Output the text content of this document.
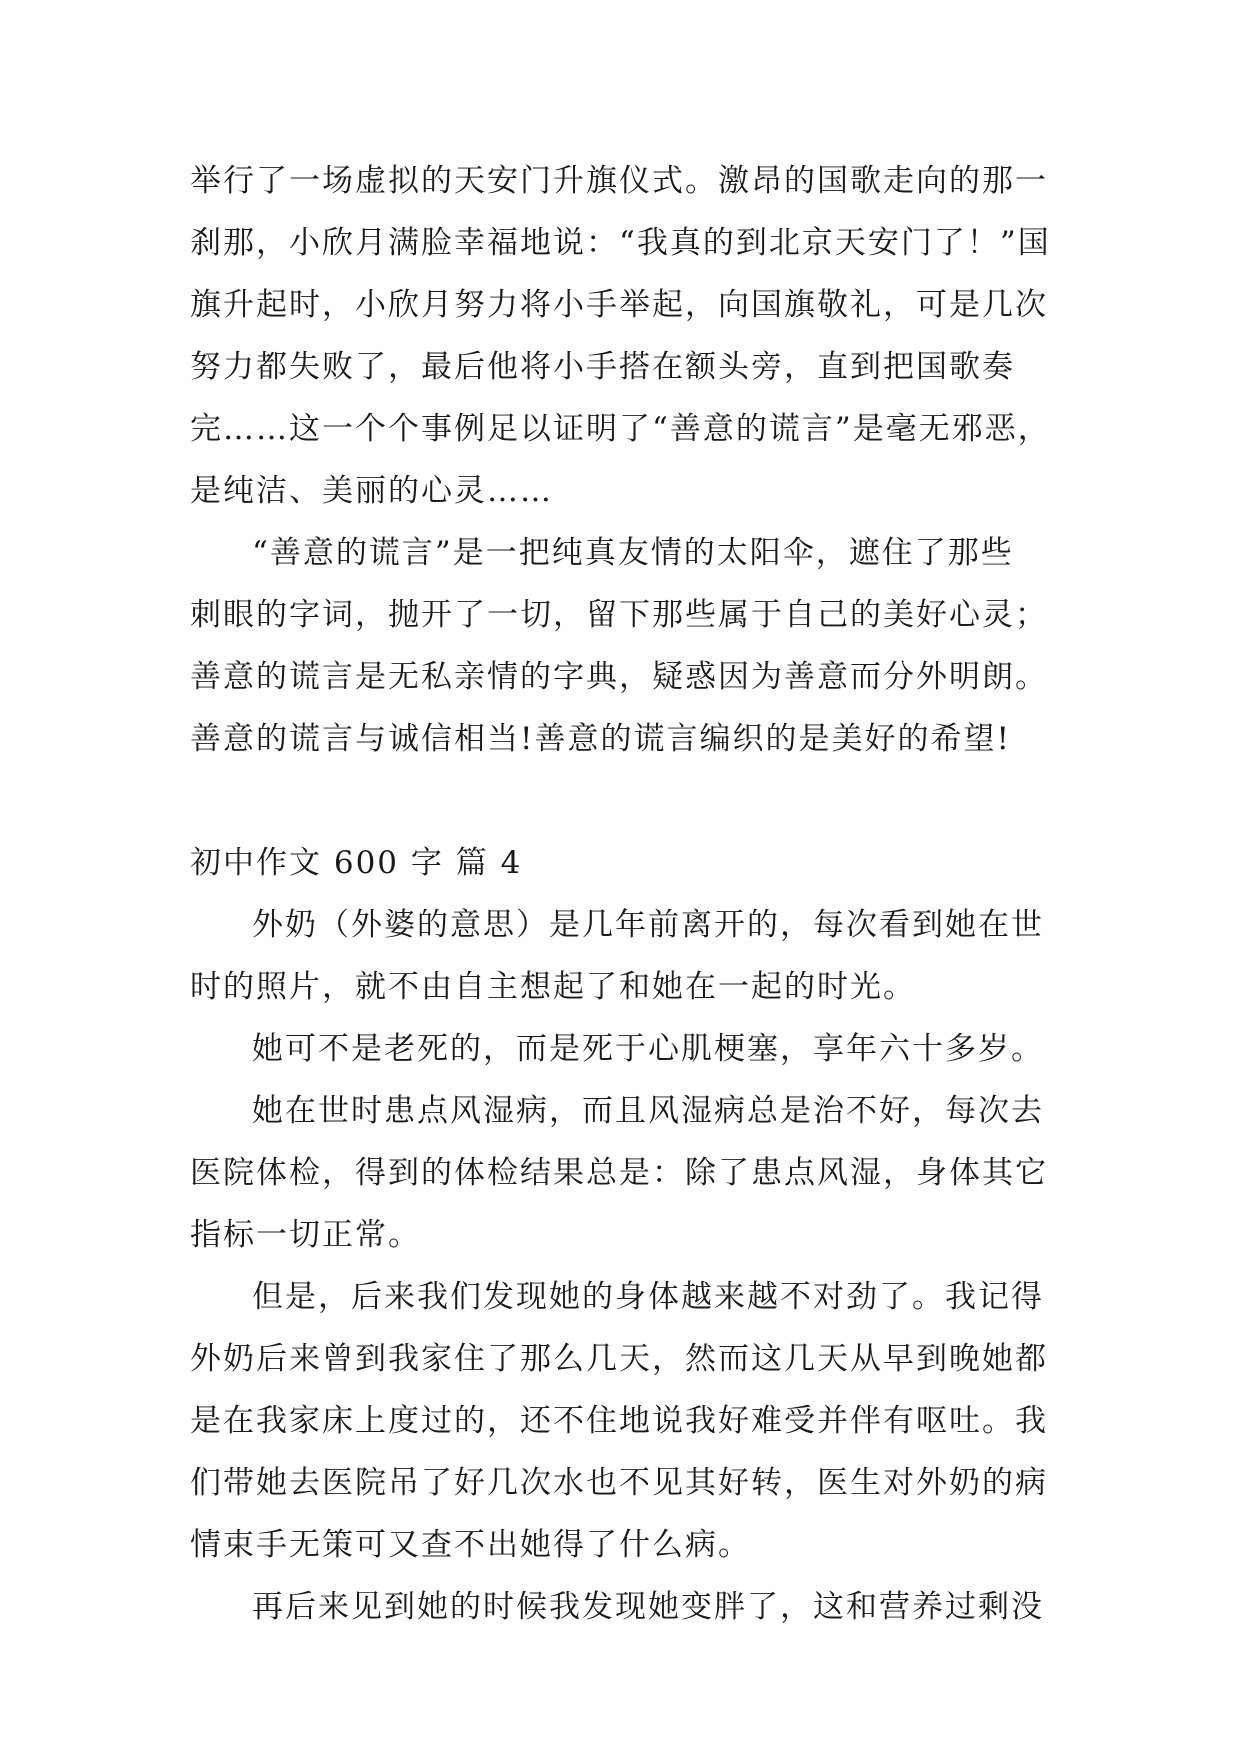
举行了一场虚拟的天安门升旗仪式。激昂的国歌走向的那一
刹那，小欣月满脸幸福地说：“我真的到北京天安门了！”国
旗升起时，小欣月努力将小手举起，向国旗敬礼，可是几次
努力都失败了，最后他将小手搭在额头旁，直到把国歌奏
完……这一个个事例足以证明了“善意的谎言”是毫无邪恶，
是纯洁、美丽的心灵……
“善意的谎言”是一把纯真友情的太阳伞，遮住了那些
刺眼的字词，抛开了一切，留下那些属于自己的美好心灵；
善意的谎言是无私亲情的字典，疑惑因为善意而分外明朗。
善意的谎言与诚信相当!善意的谎言编织的是美好的希望!
初中作文 600 字 篇 4
外奶（外婆的意思）是几年前离开的，每次看到她在世
时的照片，就不由自主想起了和她在一起的时光。
她可不是老死的，而是死于心肌梗塞，享年六十多岁。
她在世时患点风湿病，而且风湿病总是治不好，每次去
医院体检，得到的体检结果总是：除了患点风湿，身体其它
指标一切正常。
但是，后来我们发现她的身体越来越不对劲了。我记得
外奶后来曾到我家住了那么几天，然而这几天从早到晚她都
是在我家床上度过的，还不住地说我好难受并伴有呕吐。我
们带她去医院吊了好几次水也不见其好转，医生对外奶的病
情束手无策可又查不出她得了什么病。
再后来见到她的时候我发现她变胖了，这和营养过剩没
